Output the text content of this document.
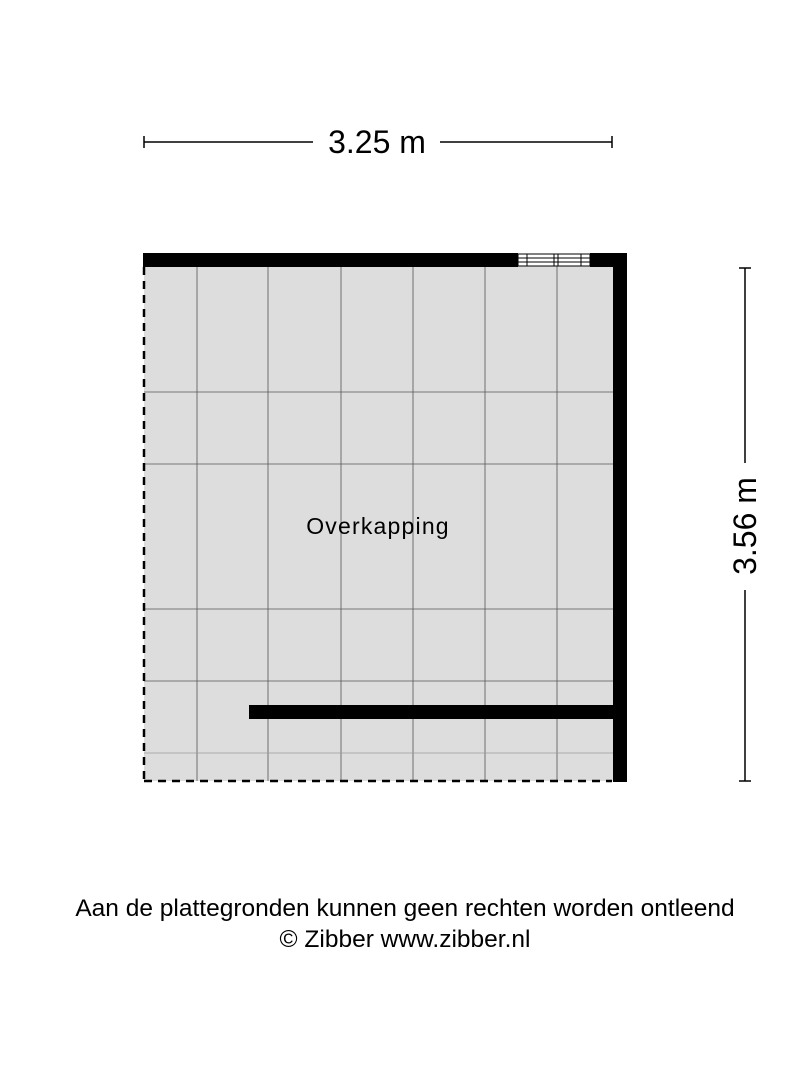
3.25 m
3.56 m
Overkapping
Aan de plattegronden kunnen geen rechten worden ontleend
© Zibber www.zibber.nl
